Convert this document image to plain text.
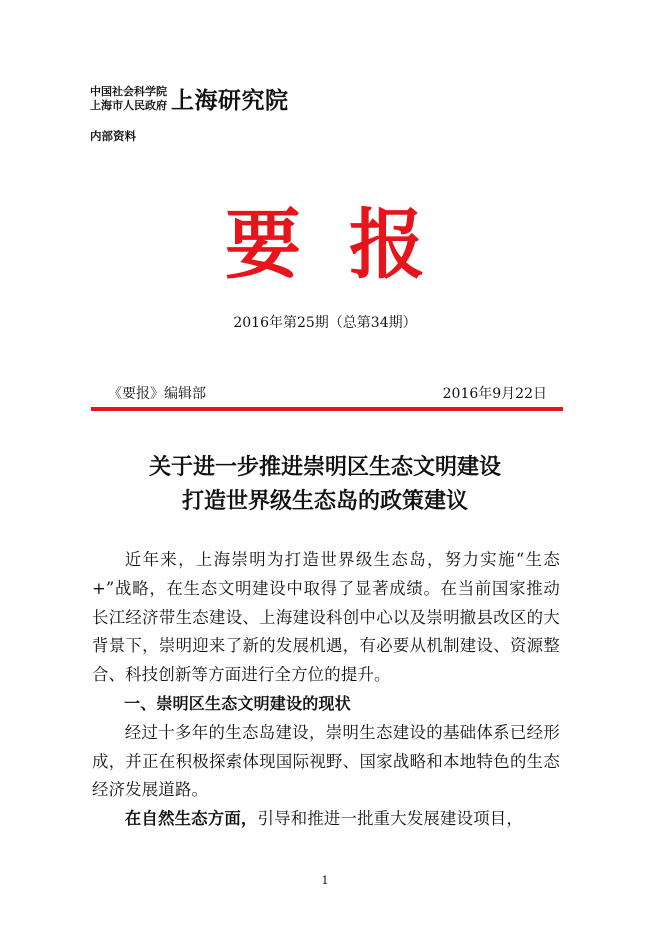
中国社会科学院
上海市人民政府 上海研究院
内部资料
要报
2016年第25期（总第34期）
《要报》编辑部	2016年9月22日
关于进一步推进崇明区生态文明建设
打造世界级生态岛的政策建议

近年来，上海崇明为打造世界级生态岛，努力实施“生态+”战略，在生态文明建设中取得了显著成绩。在当前国家推动长江经济带生态建设、上海建设科创中心以及崇明撤县改区的大背景下，崇明迎来了新的发展机遇，有必要从机制建设、资源整合、科技创新等方面进行全方位的提升。

一、崇明区生态文明建设的现状

经过十多年的生态岛建设，崇明生态建设的基础体系已经形成，并正在积极探索体现国际视野、国家战略和本地特色的生态经济发展道路。

在自然生态方面，引导和推进一批重大发展建设项目，

1
